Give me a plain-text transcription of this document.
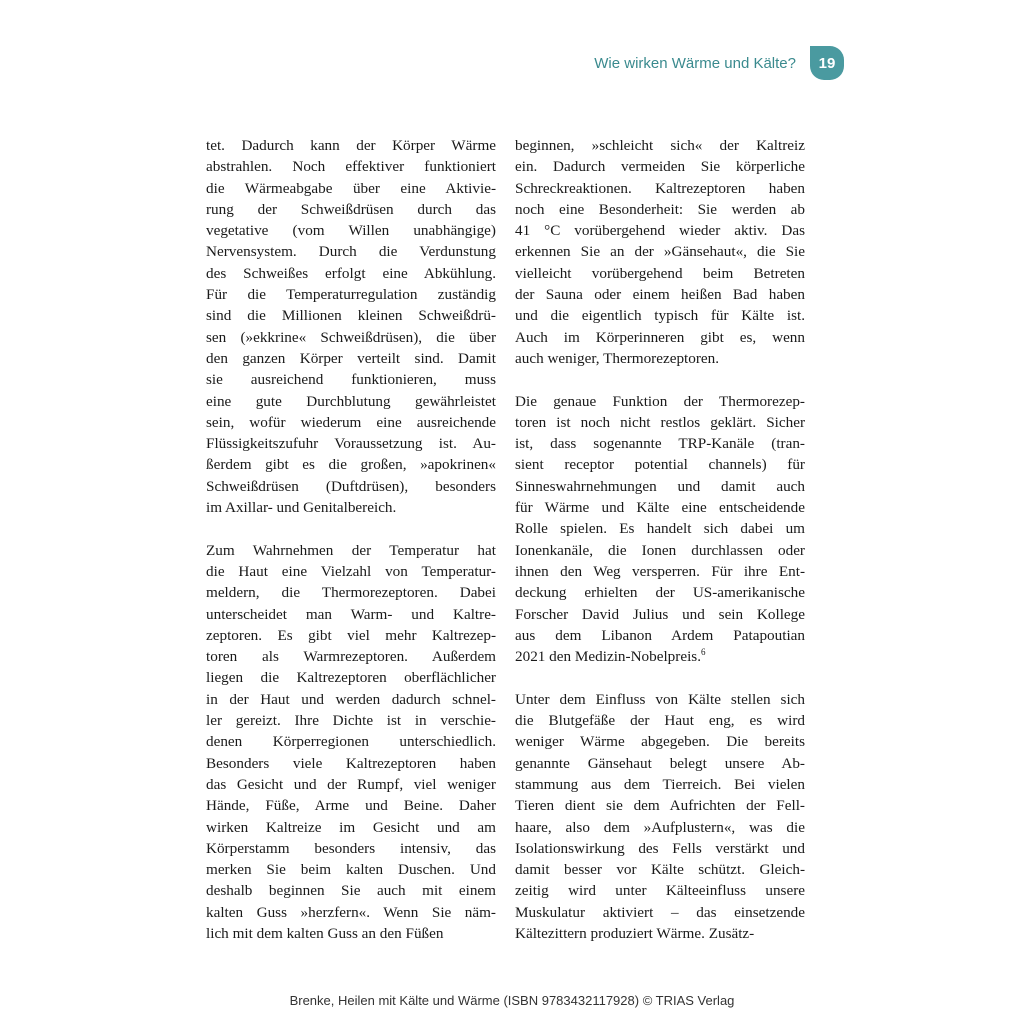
Wie wirken Wärme und Kälte? 19
tet. Dadurch kann der Körper Wärme
abstrahlen. Noch effektiver funktioniert
die Wärmeabgabe über eine Aktivie-
rung der Schweißdrüsen durch das
vegetative (vom Willen unabhängige)
Nervensystem. Durch die Verdunstung
des Schweißes erfolgt eine Abkühlung.
Für die Temperaturregulation zuständig
sind die Millionen kleinen Schweißdrü-
sen (»ekkrine« Schweißdrüsen), die über
den ganzen Körper verteilt sind. Damit
sie ausreichend funktionieren, muss
eine gute Durchblutung gewährleistet
sein, wofür wiederum eine ausreichende
Flüssigkeitszufuhr Voraussetzung ist. Au-
ßerdem gibt es die großen, »apokrinen«
Schweißdrüsen (Duftdrüsen), besonders
im Axillar- und Genitalbereich.
Zum Wahrnehmen der Temperatur hat
die Haut eine Vielzahl von Temperatur-
meldern, die Thermorezeptoren. Dabei
unterscheidet man Warm- und Kaltre-
zeptoren. Es gibt viel mehr Kaltrezep-
toren als Warmrezeptoren. Außerdem
liegen die Kaltrezeptoren oberflächlicher
in der Haut und werden dadurch schnel-
ler gereizt. Ihre Dichte ist in verschie-
denen Körperregionen unterschiedlich.
Besonders viele Kaltrezeptoren haben
das Gesicht und der Rumpf, viel weniger
Hände, Füße, Arme und Beine. Daher
wirken Kaltreize im Gesicht und am
Körperstamm besonders intensiv, das
merken Sie beim kalten Duschen. Und
deshalb beginnen Sie auch mit einem
kalten Guss »herzfern«. Wenn Sie näm-
lich mit dem kalten Guss an den Füßen
beginnen, »schleicht sich« der Kaltreiz
ein. Dadurch vermeiden Sie körperliche
Schreckreaktionen. Kaltrezeptoren haben
noch eine Besonderheit: Sie werden ab
41 °C vorübergehend wieder aktiv. Das
erkennen Sie an der »Gänsehaut«, die Sie
vielleicht vorübergehend beim Betreten
der Sauna oder einem heißen Bad haben
und die eigentlich typisch für Kälte ist.
Auch im Körperinneren gibt es, wenn
auch weniger, Thermorezeptoren.
Die genaue Funktion der Thermorezep-
toren ist noch nicht restlos geklärt. Sicher
ist, dass sogenannte TRP-Kanäle (tran-
sient receptor potential channels) für
Sinneswahrnehmungen und damit auch
für Wärme und Kälte eine entscheidende
Rolle spielen. Es handelt sich dabei um
Ionenkanäle, die Ionen durchlassen oder
ihnen den Weg versperren. Für ihre Ent-
deckung erhielten der US-amerikanische
Forscher David Julius und sein Kollege
aus dem Libanon Ardem Patapoutian
2021 den Medizin-Nobelpreis.$^6$
Unter dem Einfluss von Kälte stellen sich
die Blutgefäße der Haut eng, es wird
weniger Wärme abgegeben. Die bereits
genannte Gänsehaut belegt unsere Ab-
stammung aus dem Tierreich. Bei vielen
Tieren dient sie dem Aufrichten der Fell-
haare, also dem »Aufplustern«, was die
Isolationswirkung des Fells verstärkt und
damit besser vor Kälte schützt. Gleich-
zeitig wird unter Kälteeinfluss unsere
Muskulatur aktiviert – das einsetzende
Kältezittern produziert Wärme. Zusätz-
Brenke, Heilen mit Kälte und Wärme (ISBN 9783432117928) © TRIAS Verlag
